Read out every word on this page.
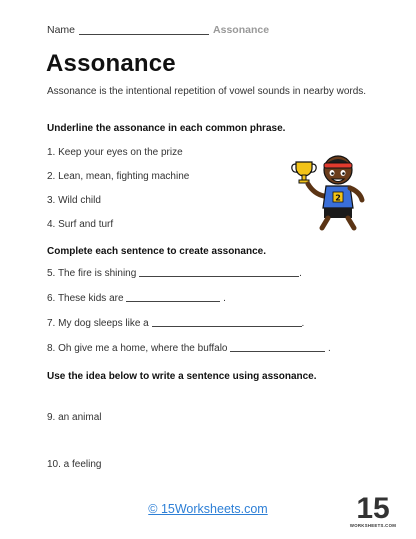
Name	Assonance
Assonance
Assonance is the intentional repetition of vowel sounds in nearby words.
Underline the assonance in each common phrase.
1. Keep your eyes on the prize
2. Lean, mean, fighting machine
3. Wild child
4. Surf and turf
2
Complete each sentence to create assonance.
5. The fire is shining	.
6. These kids are	.
7. My dog sleeps like a	.
8. Oh give me a home, where the buffalo	.
Use the idea below to write a sentence using assonance.
9. an animal
10. a feeling
© 15Worksheets.com	15
WORKSHEETS.COM
